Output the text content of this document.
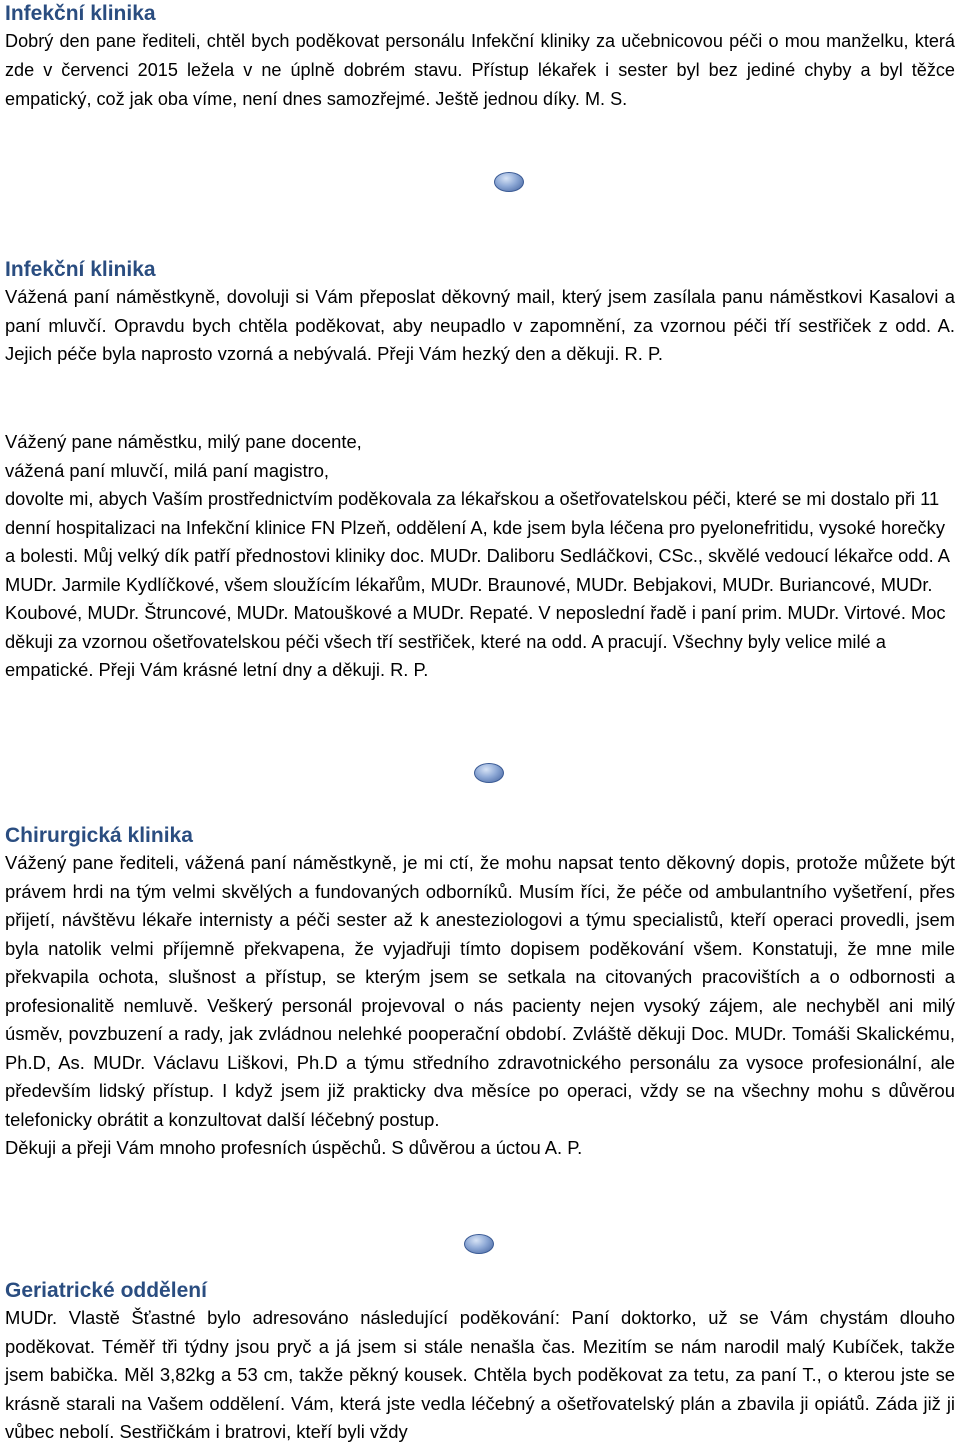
Infekční klinika

Dobrý den pane řediteli, chtěl bych poděkovat personálu Infekční kliniky za učebnicovou péči o mou manželku, která zde v červenci 2015 ležela v ne úplně dobrém stavu. Přístup lékařek i sester byl bez jediné chyby a byl těžce empatický, což jak oba víme, není dnes samozřejmé. Ještě jednou díky. M. S.

Infekční klinika

Vážená paní náměstkyně, dovoluji si Vám přeposlat děkovný mail, který jsem zasílala panu náměstkovi Kasalovi a paní mluvčí. Opravdu bych chtěla poděkovat, aby neupadlo v zapomnění, za vzornou péči tří sestřiček z odd. A. Jejich péče byla naprosto vzorná a nebývalá. Přeji Vám hezký den a děkuji. R. P.

Vážený pane náměstku, milý pane docente,

vážená paní mluvčí, milá paní magistro,

dovolte mi, abych Vaším prostřednictvím poděkovala za lékařskou a ošetřovatelskou péči, které se mi dostalo při 11 denní hospitalizaci na Infekční klinice FN Plzeň, oddělení A, kde jsem byla léčena pro pyelonefritidu, vysoké horečky a bolesti. Můj velký dík patří přednostovi kliniky doc. MUDr. Daliboru Sedláčkovi, CSc., skvělé vedoucí lékařce odd. A MUDr. Jarmile Kydlíčkové, všem sloužícím lékařům, MUDr. Braunové, MUDr. Bebjakovi, MUDr. Buriancové, MUDr. Koubové, MUDr. Štruncové, MUDr. Matouškové a MUDr. Repaté. V neposlední řadě i paní prim. MUDr. Virtové. Moc děkuji za vzornou ošetřovatelskou péči všech tří sestřiček, které na odd. A pracují. Všechny byly velice milé a empatické. Přeji Vám krásné letní dny a děkuji. R. P.

Chirurgická klinika

Vážený pane řediteli, vážená paní náměstkyně, je mi ctí, že mohu napsat tento děkovný dopis, protože můžete být právem hrdi na tým velmi skvělých a fundovaných odborníků. Musím říci, že péče od ambulantního vyšetření, přes přijetí, návštěvu lékaře internisty a péči sester až k anesteziologovi a týmu specialistů, kteří operaci provedli, jsem byla natolik velmi příjemně překvapena, že vyjadřuji tímto dopisem poděkování všem. Konstatuji, že mne mile překvapila ochota, slušnost a přístup, se kterým jsem se setkala na citovaných pracovištích a o odbornosti a profesionalitě nemluvě. Veškerý personál projevoval o nás pacienty nejen vysoký zájem, ale nechyběl ani milý úsměv, povzbuzení a rady, jak zvládnou nelehké pooperační období. Zvláště děkuji Doc. MUDr. Tomáši Skalickému, Ph.D, As. MUDr. Václavu Liškovi, Ph.D a týmu středního zdravotnického personálu za vysoce profesionální, ale především lidský přístup. I když jsem již prakticky dva měsíce po operaci, vždy se na všechny mohu s důvěrou telefonicky obrátit a konzultovat další léčebný postup.

Děkuji a přeji Vám mnoho profesních úspěchů. S důvěrou a úctou A. P.

Geriatrické oddělení

MUDr. Vlastě Šťastné bylo adresováno následující poděkování: Paní doktorko, už se Vám chystám dlouho poděkovat. Téměř tři týdny jsou pryč a já jsem si stále nenašla čas. Mezitím se nám narodil malý Kubíček, takže jsem babička. Měl 3,82kg a 53 cm, takže pěkný kousek. Chtěla bych poděkovat za tetu, za paní T., o kterou jste se krásně starali na Vašem oddělení. Vám, která jste vedla léčebný a ošetřovatelský plán a zbavila ji opiátů. Záda již ji vůbec nebolí. Sestřičkám i bratrovi, kteří byli vždy
